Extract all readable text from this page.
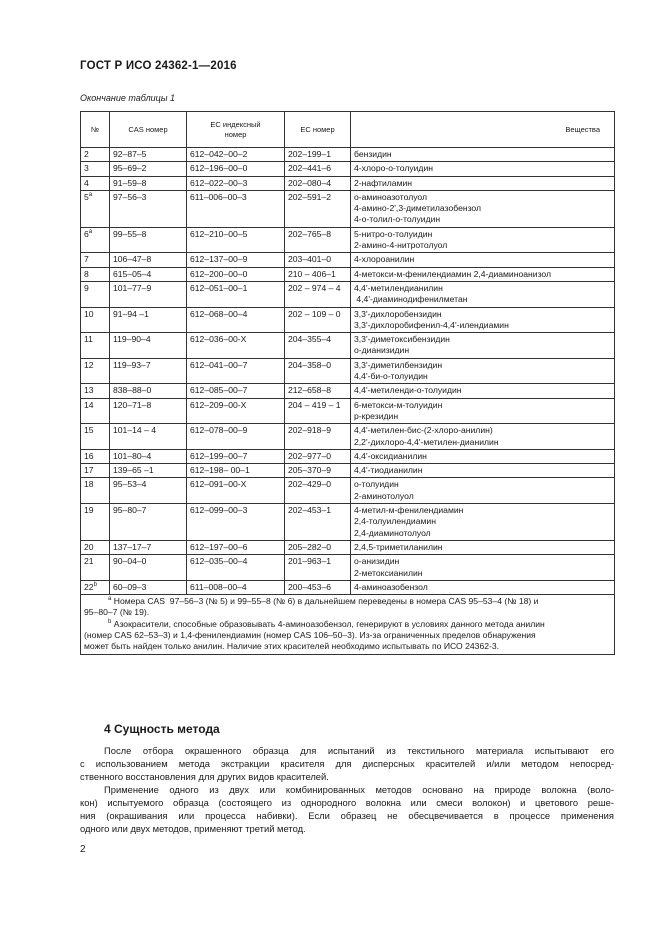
ГОСТ Р ИСО 24362-1—2016
Окончание таблицы 1
№	CAS номер	ЕС индексный номер	ЕС номер	Вещества
2	92–87–5	612–042–00–2	202–199–1	бензидин

3	95–69–2	612–196–00–0	202–441–6	4-хлоро-о-толуидин

4	91–59–8	612–022–00–3	202–080–4	2-нафтиламин

5$^a$	97–56–3	611–006–00–3	202–591–2	о-аминоазотолуол
4-амино-2',3-диметилазобензол
4-о-толил-о-толуидин

6$^a$	99–55–8	612–210–00–5	202–765–8	5-нитро-о-толуидин
2-амино-4-нитротолуол

7	106–47–8	612–137–00–9	203–401–0	4-хлороанилин

8	615–05–4	612–200–00–0	210 – 406–1	4-метокси-м-фенилендиамин 2,4-диаминоанизол

9	101–77–9	612–051–00–1	202 – 974 – 4	4,4'-метилендианилин
4,4'-диаминодифенилметан

10	91–94 –1	612–068–00–4	202 – 109 – 0	3,3'-дихлоробензидин
3,3'-дихлоробифенил-4,4'-илендиамин

11	119–90–4	612–036–00-X	204–355–4	3,3'-диметоксибензидин
о-дианизидин

12	119–93–7	612–041–00–7	204–358–0	3,3'-диметилбензидин
4,4'-би-о-толуидин

13	838–88–0	612–085–00–7	212–658–8	4,4'-метиленди-о-толуидин

14	120–71–8	612–209–00-X	204 – 419 – 1	6-метокси-м-толуидин
р-крезидин

15	101–14 – 4	612–078–00–9	202–918–9	4,4'-метилен-бис-(2-хлоро-анилин)
2,2'-дихлоро-4,4'-метилен-дианилин

16	101–80–4	612–199–00–7	202–977–0	4,4'-оксидианилин

17	139–65 –1	612–198– 00–1	205–370–9	4,4'-тиодианилин

18	95–53–4	612–091–00-X	202–429–0	о-толуидин
2-аминотолуол

19	95–80–7	612–099–00–3	202–453–1	4-метил-м-фенилендиамин
2,4-толуилендиамин
2,4-диаминотолуол

20	137–17–7	612–197–00–6	205–282–0	2,4,5-триметиланилин

21	90–04–0	612–035–00–4	201–963–1	о-анизидин
2-метоксианилин

22$^b$	60–09–3	611–008–00–4	200–453–6	4-аминоазобензол

$^a$ Номера CAS  97–56–3 (№ 5) и 99–55–8 (№ 6) в дальнейшем переведены в номера CAS 95–53–4 (№ 18) и
95–80–7 (№ 19).
$^b$ Азокрасители, способные образовывать 4-аминоазобензол, генерируют в условиях данного метода анилин
(номер CAS 62–53–3) и 1,4-фенилендиамин (номер CAS 106–50–3). Из-за ограниченных пределов обнаружения
может быть найден только анилин. Наличие этих красителей необходимо испытывать по ИСО 24362-3.				
4 Сущность метода
После отбора окрашенного образца для испытаний из текстильного материала испытывают его
с использованием метода экстракции красителя для дисперсных красителей и/или методом непосред-
ственного восстановления для других видов красителей.
Применение одного из двух или комбинированных методов основано на природе волокна (воло-
кон) испытуемого образца (состоящего из однородного волокна или смеси волокон) и цветового реше-
ния (окрашивания или процесса набивки). Если образец не обесцвечивается в процессе применения
одного или двух методов, применяют третий метод.
2
